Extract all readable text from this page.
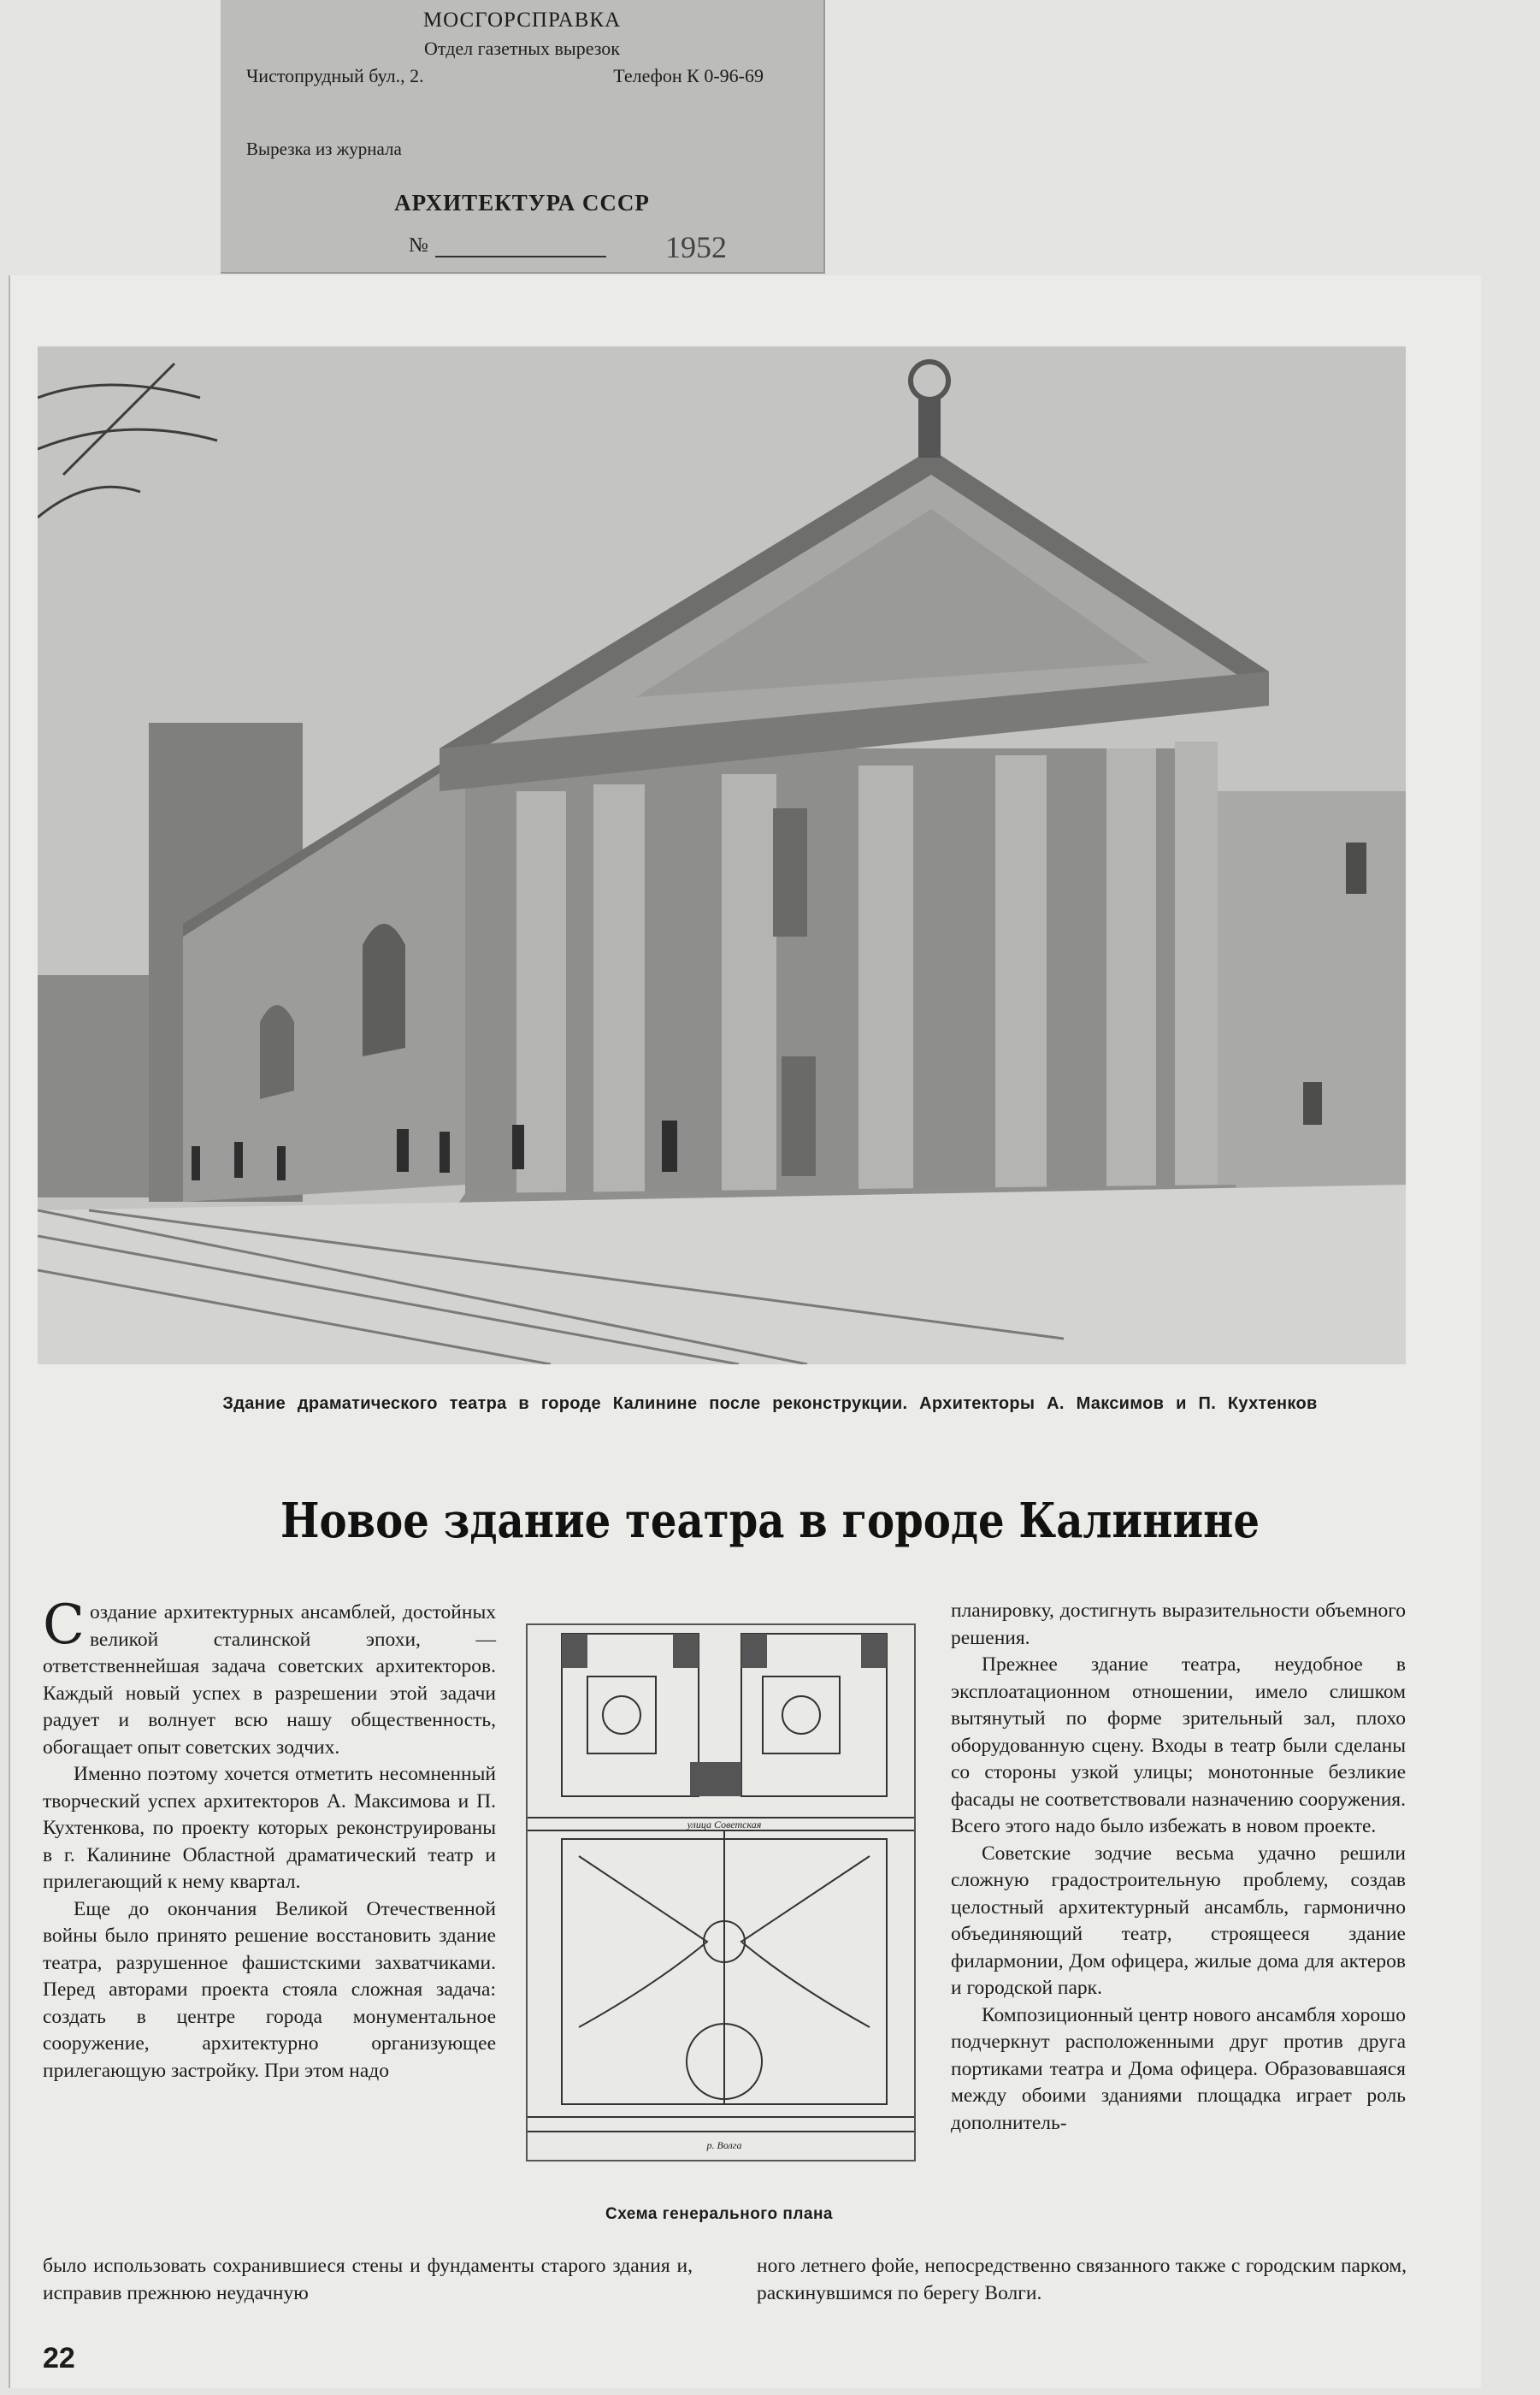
МОСГОРСПРАВКА
Отдел газетных вырезок
Чистопрудный бул., 2.	Телефон К 0-96-69
Вырезка из журнала
АРХИТЕКТУРА СССР
№	1952
Здание драматического театра в городе Калинине после реконструкции. Архитекторы А. Максимов и П. Кухтенков
Новое здание театра в городе Калинине

Создание архитектурных ансамблей, достойных великой сталинской эпохи, — ответственнейшая задача советских архитекторов. Каждый новый успех в разрешении этой задачи радует и волнует всю нашу общественность, обогащает опыт советских зодчих.

Именно поэтому хочется отметить несомненный творческий успех архитекторов А. Максимова и П. Кухтенкова, по проекту которых реконструированы в г. Калинине Областной драматический театр и прилегающий к нему квартал.

Еще до окончания Великой Отечественной войны было принято решение восстановить здание театра, разрушенное фашистскими захватчиками. Перед авторами проекта стояла сложная задача: создать в центре города монументальное сооружение, архитектурно организующее прилегающую застройку. При этом надо

улица Советская
р. Волга
Схема генерального плана

планировку, достигнуть выразительности объемного решения.

Прежнее здание театра, неудобное в эксплоатационном отношении, имело слишком вытянутый по форме зрительный зал, плохо оборудованную сцену. Входы в театр были сделаны со стороны узкой улицы; монотонные безликие фасады не соответствовали назначению сооружения. Всего этого надо было избежать в новом проекте.

Советские зодчие весьма удачно решили сложную градостроительную проблему, создав целостный архитектурный ансамбль, гармонично объединяющий театр, строящееся здание филармонии, Дом офицера, жилые дома для актеров и городской парк.

Композиционный центр нового ансамбля хорошо подчеркнут расположенными друг против друга портиками театра и Дома офицера. Образовавшаяся между обоими зданиями площадка играет роль дополнитель-

было использовать сохранившиеся стены и фундаменты старого здания и, исправив прежнюю неудачную
ного летнего фойе, непосредственно связанного также с городским парком, раскинувшимся по берегу Волги.
22
